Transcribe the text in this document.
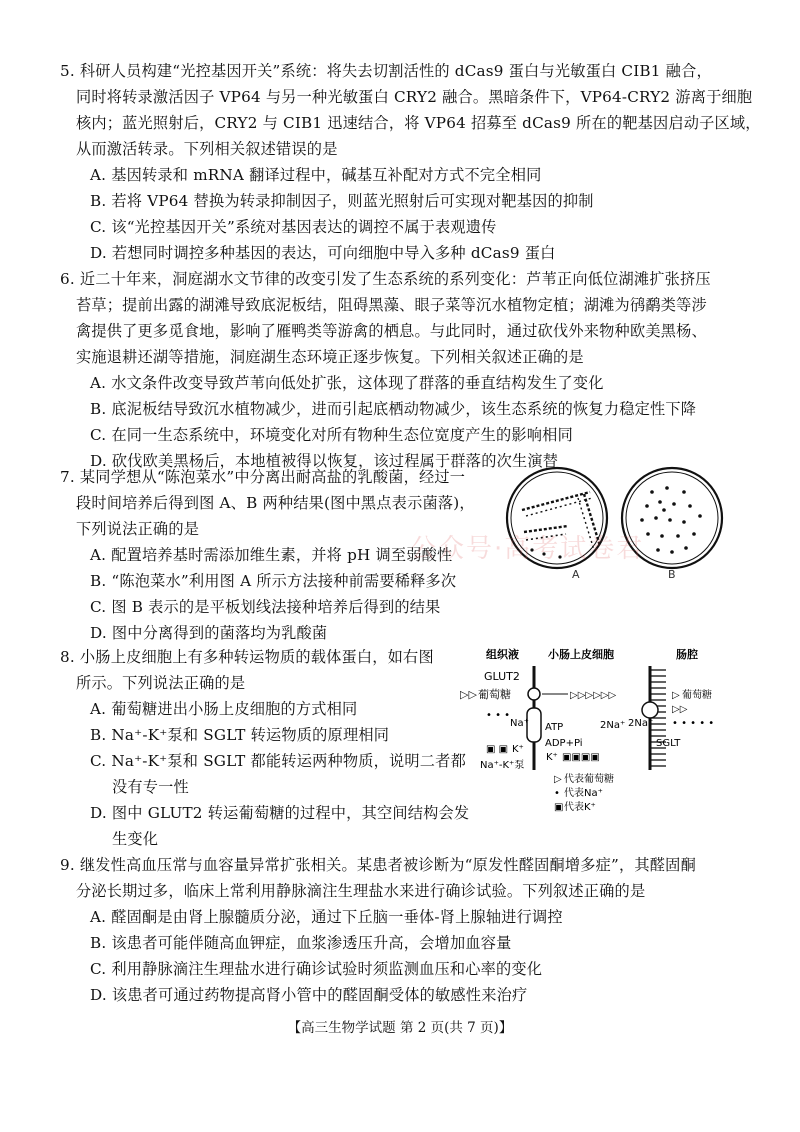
5. 科研人员构建“光控基因开关”系统：将失去切割活性的 dCas9 蛋白与光敏蛋白 CIB1 融合，
同时将转录激活因子 VP64 与另一种光敏蛋白 CRY2 融合。黑暗条件下，VP64-CRY2 游离于细胞
核内；蓝光照射后，CRY2 与 CIB1 迅速结合，将 VP64 招募至 dCas9 所在的靶基因启动子区域，
从而激活转录。下列相关叙述错误的是
A. 基因转录和 mRNA 翻译过程中，碱基互补配对方式不完全相同
B. 若将 VP64 替换为转录抑制因子，则蓝光照射后可实现对靶基因的抑制
C. 该“光控基因开关”系统对基因表达的调控不属于表观遗传
D. 若想同时调控多种基因的表达，可向细胞中导入多种 dCas9 蛋白
6. 近二十年来，洞庭湖水文节律的改变引发了生态系统的系列变化：芦苇正向低位湖滩扩张挤压
苔草；提前出露的湖滩导致底泥板结，阻碍黑藻、眼子菜等沉水植物定植；湖滩为鸻鹬类等涉
禽提供了更多觅食地，影响了雁鸭类等游禽的栖息。与此同时，通过砍伐外来物种欧美黑杨、
实施退耕还湖等措施，洞庭湖生态环境正逐步恢复。下列相关叙述正确的是
A. 水文条件改变导致芦苇向低处扩张，这体现了群落的垂直结构发生了变化
B. 底泥板结导致沉水植物减少，进而引起底栖动物减少，该生态系统的恢复力稳定性下降
C. 在同一生态系统中，环境变化对所有物种生态位宽度产生的影响相同
D. 砍伐欧美黑杨后，本地植被得以恢复，该过程属于群落的次生演替
7. 某同学想从“陈泡菜水”中分离出耐高盐的乳酸菌，经过一
段时间培养后得到图 A、B 两种结果(图中黑点表示菌落)，
下列说法正确的是
A. 配置培养基时需添加维生素，并将 pH 调至弱酸性
B. “陈泡菜水”利用图 A 所示方法接种前需要稀释多次
C. 图 B 表示的是平板划线法接种培养后得到的结果
D. 图中分离得到的菌落均为乳酸菌
A	B
公众号·高考试卷君
8. 小肠上皮细胞上有多种转运物质的载体蛋白，如右图
所示。下列说法正确的是
A. 葡萄糖进出小肠上皮细胞的方式相同
B. Na⁺-K⁺泵和 SGLT 转运物质的原理相同
C. Na⁺-K⁺泵和 SGLT 都能转运两种物质，说明二者都
没有专一性
D. 图中 GLUT2 转运葡萄糖的过程中，其空间结构会发
生变化
组织液	小肠上皮细胞	肠腔
GLUT2
▷▷ 葡萄糖	▷▷▷▷▷▷
• • •
Na⁺ ATP
ADP+Pi
▣ ▣ K⁺
K⁺ ▣▣▣▣
Na⁺-K⁺泵
2Na⁺ 2Na⁺
▷ 葡萄糖
▷▷
• • • • •
SGLT
▷ 代表葡萄糖
• 代表Na⁺
▣ 代表K⁺
9. 继发性高血压常与血容量异常扩张相关。某患者被诊断为“原发性醛固酮增多症”，其醛固酮
分泌长期过多，临床上常利用静脉滴注生理盐水来进行确诊试验。下列叙述正确的是
A. 醛固酮是由肾上腺髓质分泌，通过下丘脑一垂体-肾上腺轴进行调控
B. 该患者可能伴随高血钾症，血浆渗透压升高，会增加血容量
C. 利用静脉滴注生理盐水进行确诊试验时须监测血压和心率的变化
D. 该患者可通过药物提高肾小管中的醛固酮受体的敏感性来治疗
【高三生物学试题 第 2 页(共 7 页)】
